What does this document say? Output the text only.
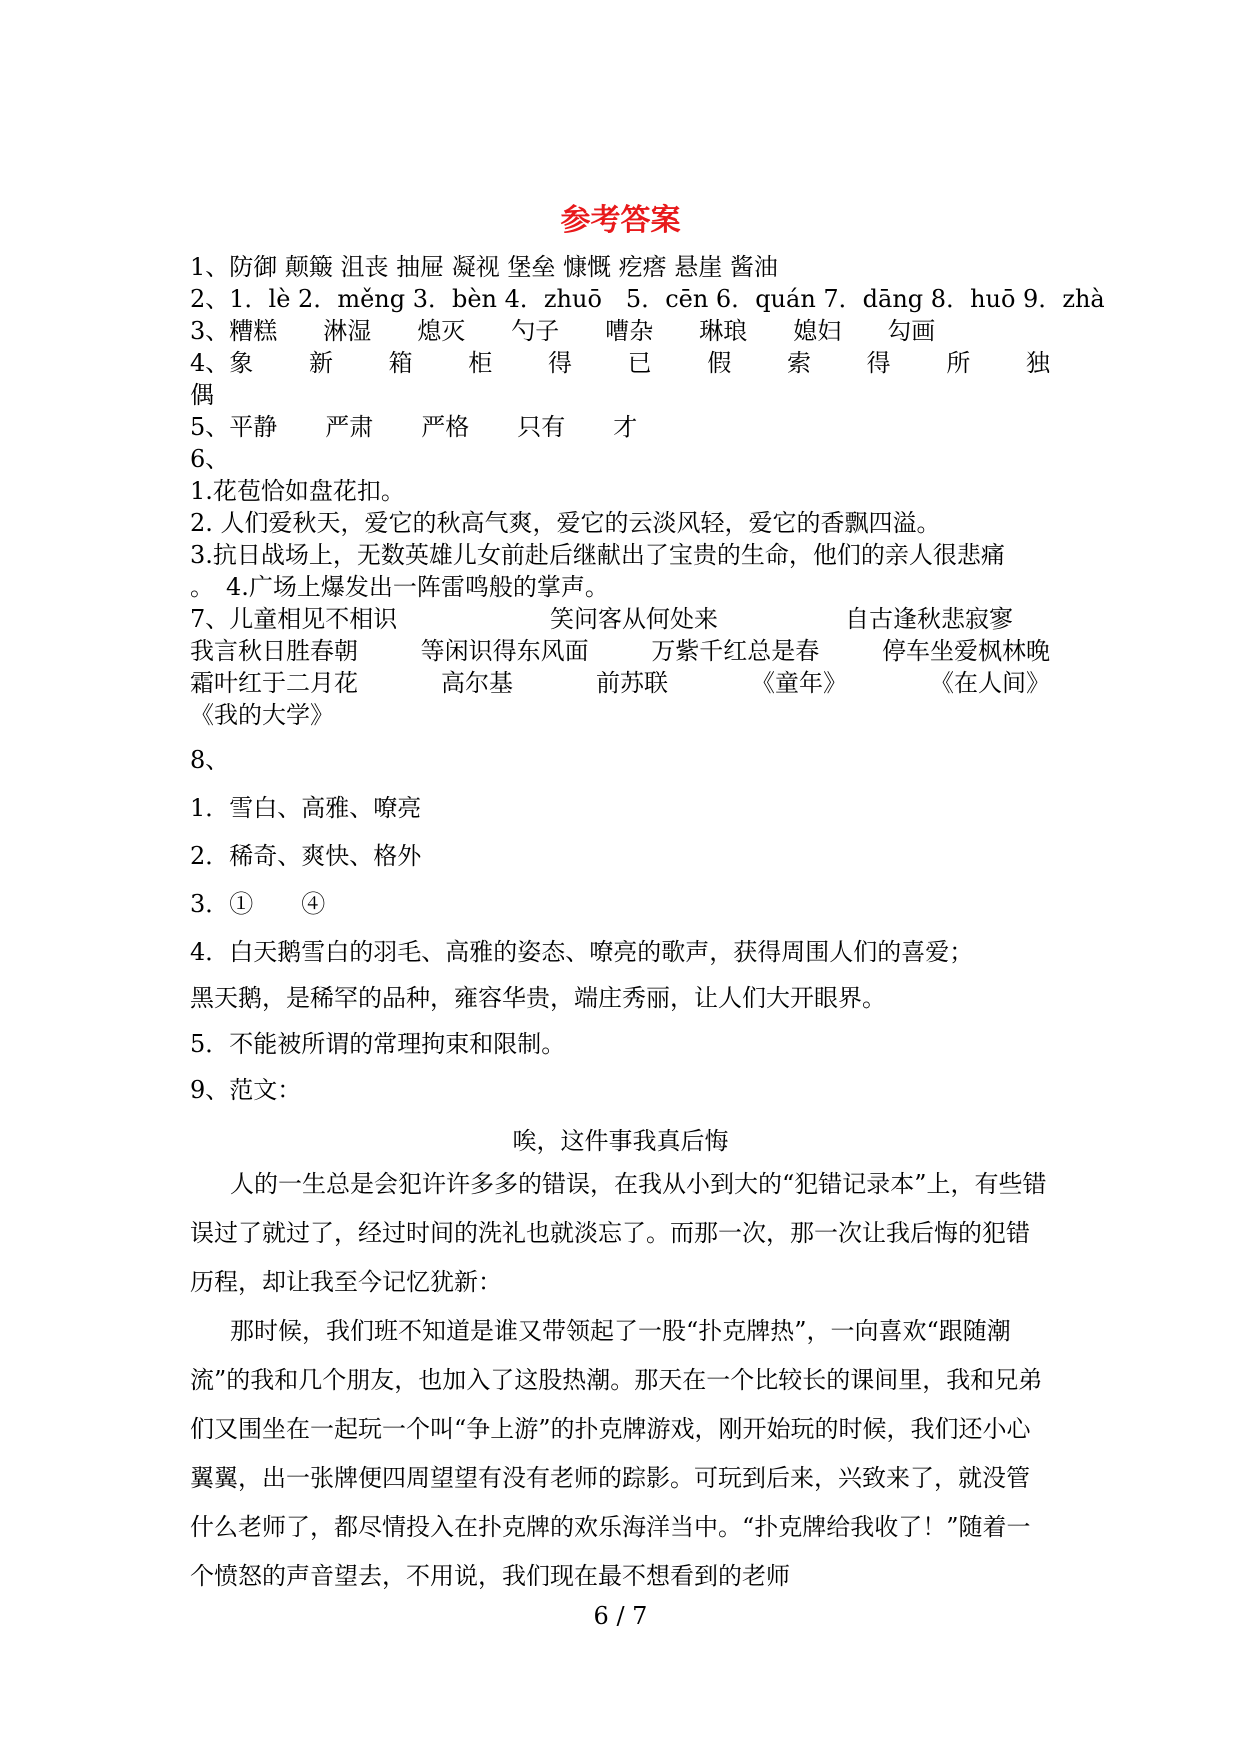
参考答案
1、防御 颠簸 沮丧 抽屉 凝视 堡垒 慷慨 疙瘩 悬崖 酱油
2、1．lè 2．měng 3．bèn 4．zhuō　5．cēn 6．quán 7．dāng 8．huō 9．zhà
3、糟糕 淋湿 熄灭 勺子 嘈杂 琳琅 媳妇 勾画
4、象 新 箱 柜 得 已 假 索 得 所 独
偶
5、平静 严肃 严格 只有 才
6、
1.花苞恰如盘花扣。
2. 人们爱秋天，爱它的秋高气爽，爱它的云淡风轻，爱它的香飘四溢。
3.抗日战场上，无数英雄儿女前赴后继献出了宝贵的生命，他们的亲人很悲痛
。　4.广场上爆发出一阵雷鸣般的掌声。
7、儿童相见不相识	笑问客从何处来	自古逢秋悲寂寥
我言秋日胜春朝	等闲识得东风面	万紫千红总是春	停车坐爱枫林晚
霜叶红于二月花	高尔基	前苏联	《童年》	《在人间》
《我的大学》
8、
1．雪白、高雅、嘹亮
2．稀奇、爽快、格外
3．①　　④
4．白天鹅雪白的羽毛、高雅的姿态、嘹亮的歌声，获得周围人们的喜爱；
黑天鹅，是稀罕的品种，雍容华贵，端庄秀丽，让人们大开眼界。
5．不能被所谓的常理拘束和限制。
9、范文：
唉，这件事我真后悔
人的一生总是会犯许许多多的错误，在我从小到大的“犯错记录本”上，有些错误过了就过了，经过时间的洗礼也就淡忘了。而那一次，那一次让我后悔的犯错历程，却让我至今记忆犹新：
那时候，我们班不知道是谁又带领起了一股“扑克牌热”，一向喜欢“跟随潮流”的我和几个朋友，也加入了这股热潮。那天在一个比较长的课间里，我和兄弟们又围坐在一起玩一个叫“争上游”的扑克牌游戏，刚开始玩的时候，我们还小心翼翼，出一张牌便四周望望有没有老师的踪影。可玩到后来，兴致来了，就没管什么老师了，都尽情投入在扑克牌的欢乐海洋当中。“扑克牌给我收了！”随着一个愤怒的声音望去，不用说，我们现在最不想看到的老师
6 / 7
